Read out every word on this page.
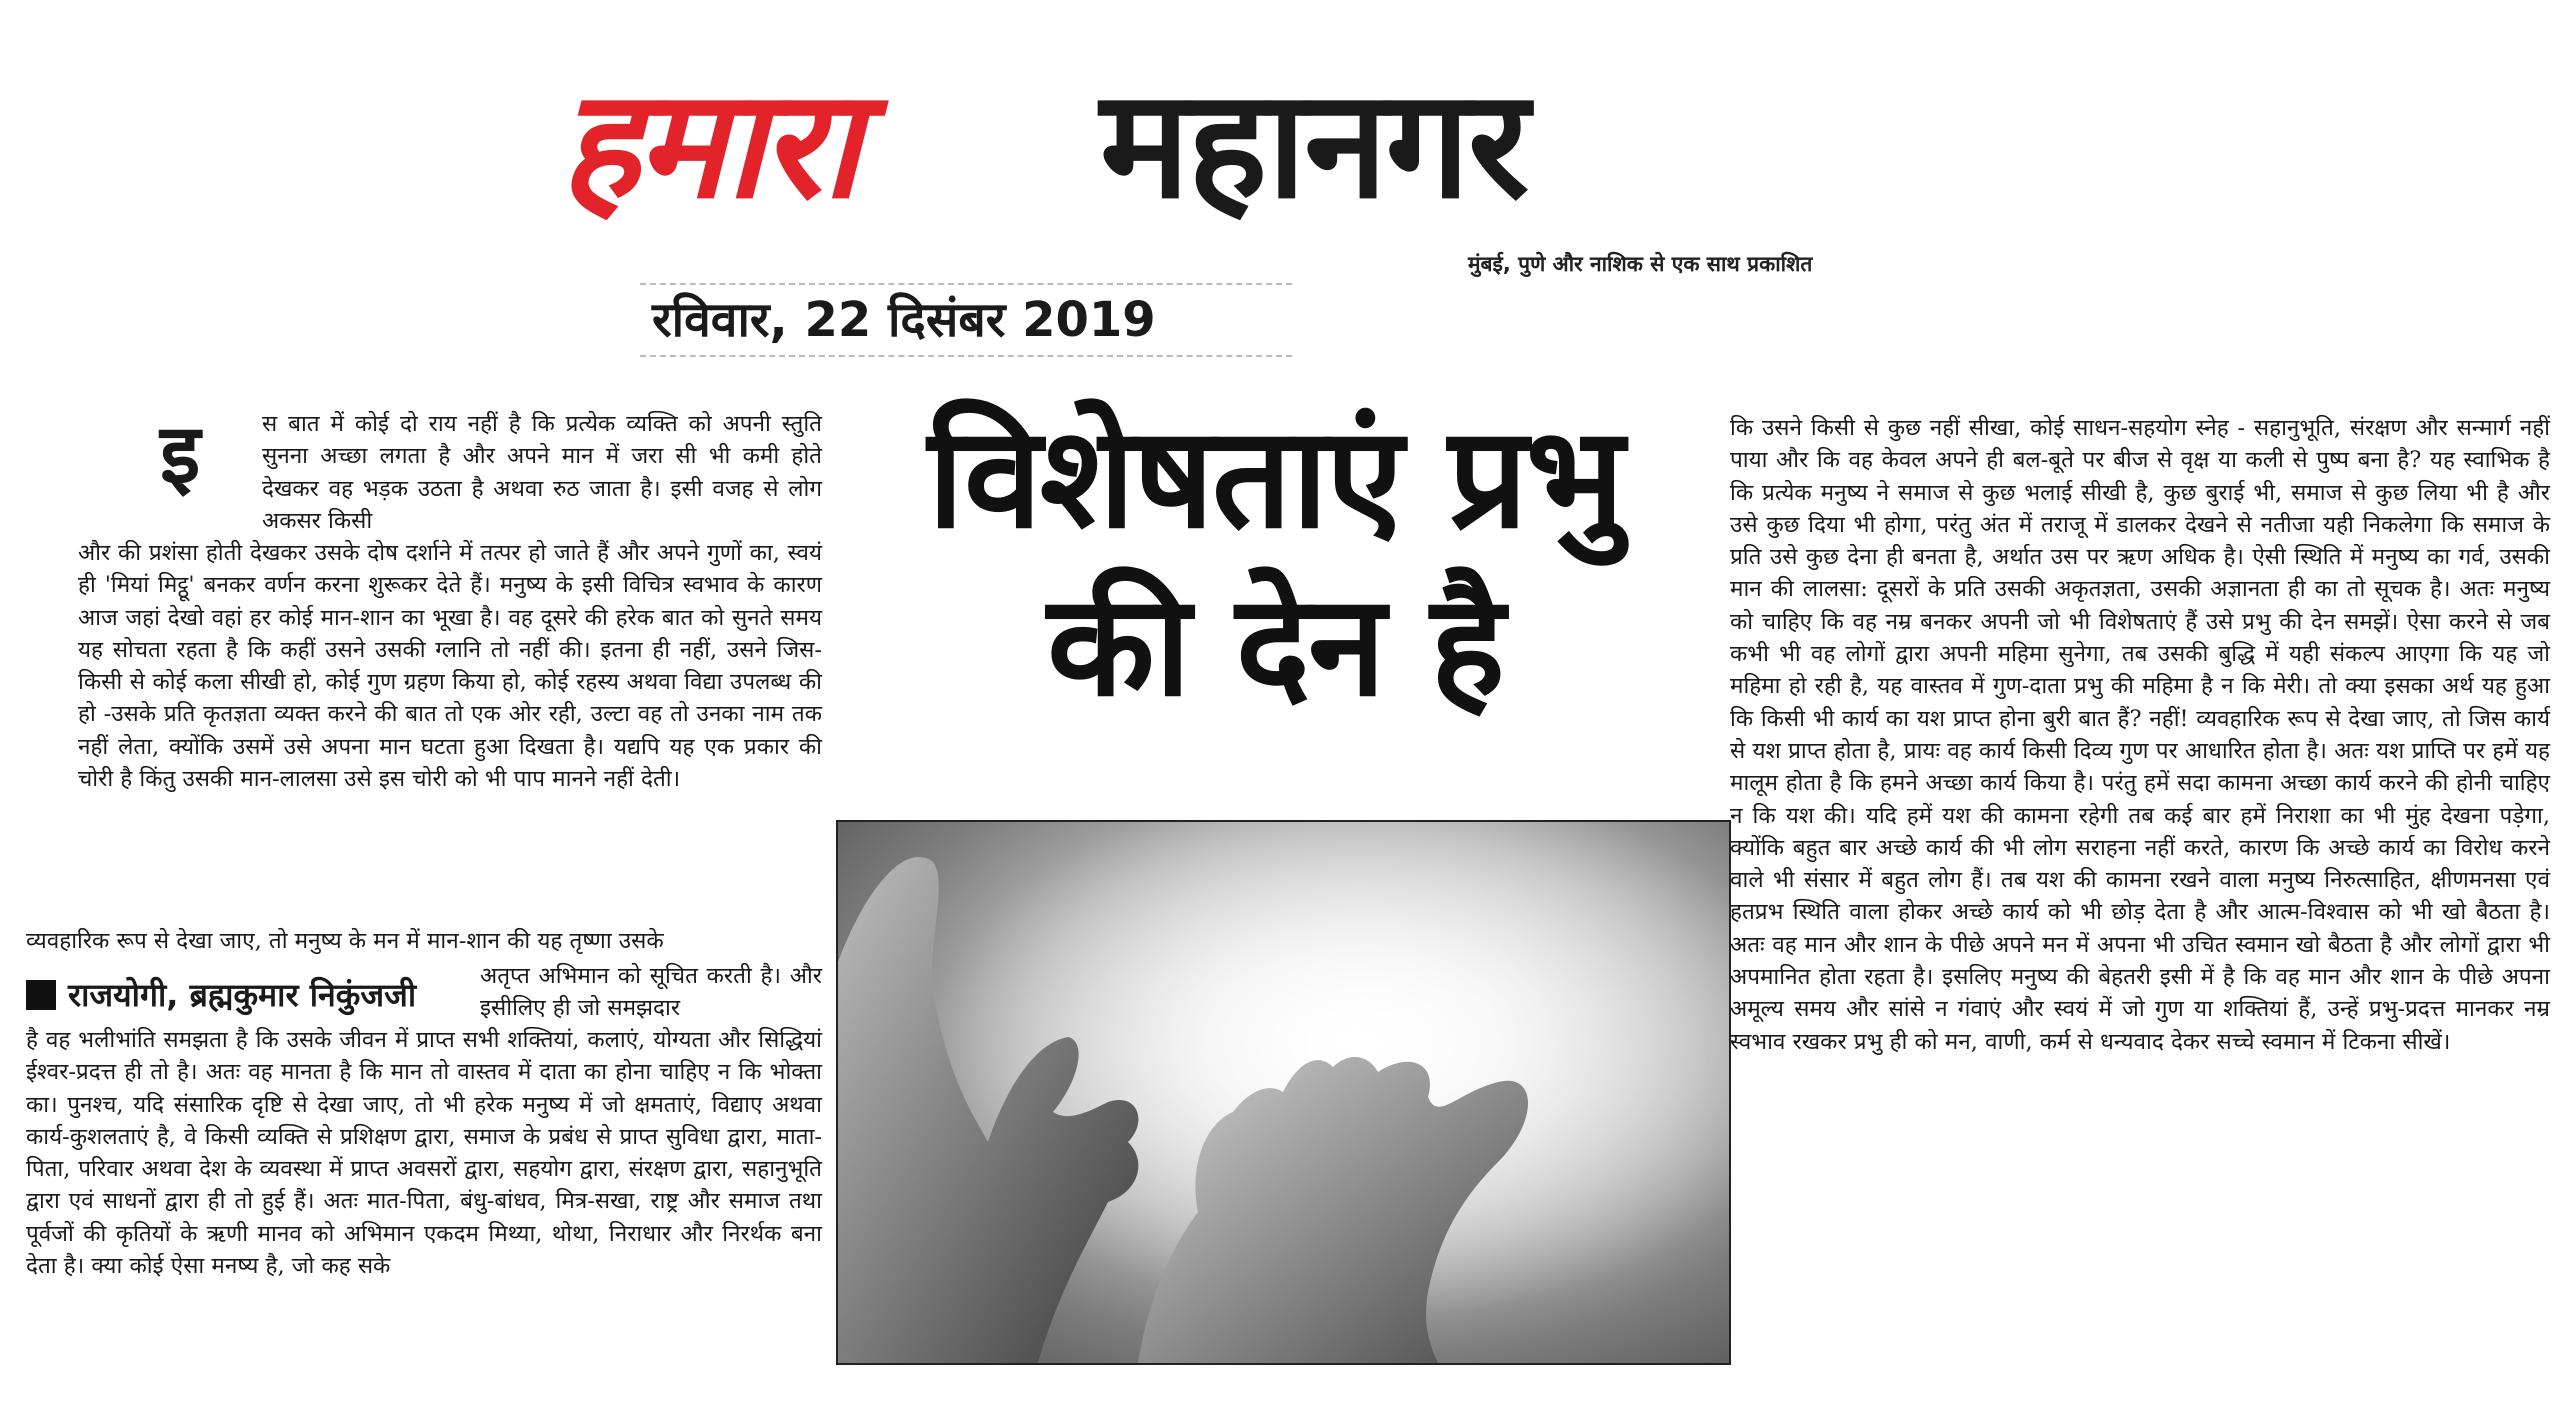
हमारा महानगर
मुंबई, पुणे और नाशिक से एक साथ प्रकाशित
रविवार, 22 दिसंबर 2019
इ	स बात में कोई दो राय नहीं है कि प्रत्येक व्यक्ति को अपनी स्तुति सुनना अच्छा लगता है और अपने मान में जरा सी भी कमी होते देखकर वह भड़क उठता है अथवा रुठ जाता है। इसी वजह से लोग अकसर किसी

और की प्रशंसा होती देखकर उसके दोष दर्शाने में तत्पर हो जाते हैं और अपने गुणों का, स्वयं ही 'मियां मिट्ठू' बनकर वर्णन करना शुरूकर देते हैं। मनुष्य के इसी विचित्र स्वभाव के कारण आज जहां देखो वहां हर कोई मान-शान का भूखा है। वह दूसरे की हरेक बात को सुनते समय यह सोचता रहता है कि कहीं उसने उसकी ग्लानि तो नहीं की। इतना ही नहीं, उसने जिस-किसी से कोई कला सीखी हो, कोई गुण ग्रहण किया हो, कोई रहस्य अथवा विद्या उपलब्ध की हो -उसके प्रति कृतज्ञता व्यक्त करने की बात तो एक ओर रही, उल्टा वह तो उनका नाम तक नहीं लेता, क्योंकि उसमें उसे अपना मान घटता हुआ दिखता है। यद्यपि यह एक प्रकार की चोरी है किंतु उसकी मान-लालसा उसे इस चोरी को भी पाप मानने नहीं देती।

व्यवहारिक रूप से देखा जाए, तो मनुष्य के मन में मान-शान की यह तृष्णा उसके

राजयोगी, ब्रह्मकुमार निकुंजजी	अतृप्त अभिमान को सूचित करती है। और इसीलिए ही जो समझदार

है वह भलीभांति समझता है कि उसके जीवन में प्राप्त सभी शक्तियां, कलाएं, योग्यता और सिद्धियां ईश्वर-प्रदत्त ही तो है। अतः वह मानता है कि मान तो वास्तव में दाता का होना चाहिए न कि भोक्ता का। पुनश्च, यदि संसारिक दृष्टि से देखा जाए, तो भी हरेक मनुष्य में जो क्षमताएं, विद्याए अथवा कार्य-कुशलताएं है, वे किसी व्यक्ति से प्रशिक्षण द्वारा, समाज के प्रबंध से प्राप्त सुविधा द्वारा, माता-पिता, परिवार अथवा देश के व्यवस्था में प्राप्त अवसरों द्वारा, सहयोग द्वारा, संरक्षण द्वारा, सहानुभूति द्वारा एवं साधनों द्वारा ही तो हुई हैं। अतः मात-पिता, बंधु-बांधव, मित्र-सखा, राष्ट्र और समाज तथा पूर्वजों की कृतियों के ऋणी मानव को अभिमान एकदम मिथ्या, थोथा, निराधार और निरर्थक बना देता है। क्या कोई ऐसा मनष्य है, जो कह सके

विशेषताएं प्रभु
की देन है

कि उसने किसी से कुछ नहीं सीखा, कोई साधन-सहयोग स्नेह - सहानुभूति, संरक्षण और सन्मार्ग नहीं पाया और कि वह केवल अपने ही बल-बूते पर बीज से वृक्ष या कली से पुष्प बना है? यह स्वाभिक है कि प्रत्येक मनुष्य ने समाज से कुछ भलाई सीखी है, कुछ बुराई भी, समाज से कुछ लिया भी है और उसे कुछ दिया भी होगा, परंतु अंत में तराजू में डालकर देखने से नतीजा यही निकलेगा कि समाज के प्रति उसे कुछ देना ही बनता है, अर्थात उस पर ऋण अधिक है। ऐसी स्थिति में मनुष्य का गर्व, उसकी मान की लालसा: दूसरों के प्रति उसकी अकृतज्ञता, उसकी अज्ञानता ही का तो सूचक है। अतः मनुष्य को चाहिए कि वह नम्र बनकर अपनी जो भी विशेषताएं हैं उसे प्रभु की देन समझें। ऐसा करने से जब कभी भी वह लोगों द्वारा अपनी महिमा सुनेगा, तब उसकी बुद्धि में यही संकल्प आएगा कि यह जो महिमा हो रही है, यह वास्तव में गुण-दाता प्रभु की महिमा है न कि मेरी। तो क्या इसका अर्थ यह हुआ कि किसी भी कार्य का यश प्राप्त होना बुरी बात हैं? नहीं! व्यवहारिक रूप से देखा जाए, तो जिस कार्य से यश प्राप्त होता है, प्रायः वह कार्य किसी दिव्य गुण पर आधारित होता है। अतः यश प्राप्ति पर हमें यह मालूम होता है कि हमने अच्छा कार्य किया है। परंतु हमें सदा कामना अच्छा कार्य करने की होनी चाहिए न कि यश की। यदि हमें यश की कामना रहेगी तब कई बार हमें निराशा का भी मुंह देखना पड़ेगा, क्योंकि बहुत बार अच्छे कार्य की भी लोग सराहना नहीं करते, कारण कि अच्छे कार्य का विरोध करने वाले भी संसार में बहुत लोग हैं। तब यश की कामना रखने वाला मनुष्य निरुत्साहित, क्षीणमनसा एवं हतप्रभ स्थिति वाला होकर अच्छे कार्य को भी छोड़ देता है और आत्म-विश्वास को भी खो बैठता है। अतः वह मान और शान के पीछे अपने मन में अपना भी उचित स्वमान खो बैठता है और लोगों द्वारा भी अपमानित होता रहता है। इसलिए मनुष्य की बेहतरी इसी में है कि वह मान और शान के पीछे अपना अमूल्य समय और सांसे न गंवाएं और स्वयं में जो गुण या शक्तियां हैं, उन्हें प्रभु-प्रदत्त मानकर नम्र स्वभाव रखकर प्रभु ही को मन, वाणी, कर्म से धन्यवाद देकर सच्चे स्वमान में टिकना सीखें।
